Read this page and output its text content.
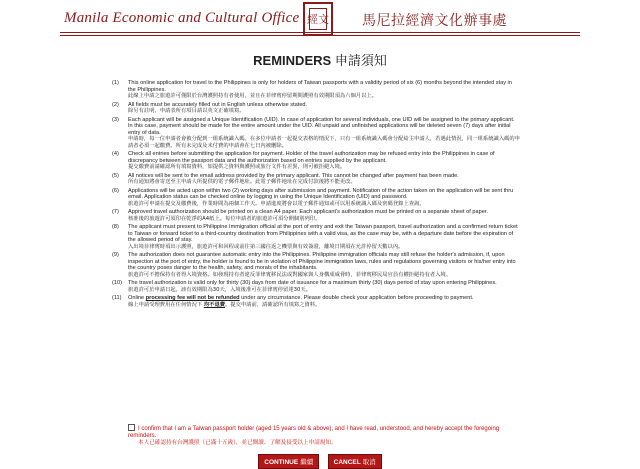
Manila Economic and Cultural Office 經文 馬尼拉經濟文化辦事處
REMINDERS 申請須知
(1)	This online application for travel to the Philippines is only for holders of Taiwan passports with a validity period of six (6) months beyond the intended stay in the Philippines.
此線上申請之旅遊許可僅限於台灣護照持有者使用，並且在菲律賓停留期間護照有效期限須為六個月以上。
(2)	All fields must be accurately filled out in English unless otherwise stated.
除另有註明，申請表所有項目請以英文正確填寫。
(3)	Each applicant will be assigned a Unique Identification (UID). In case of application for several individuals, one UID will be assigned to the primary applicant. In this case, payment should be made for the entire amount under the UID. All unpaid and unfinished applications will be deleted seven (7) days after initial entry of data.
申請時，每一位申請者會被分配到一組系統識入碼。在多位申請者一起提交表格的情況下，只有一組系統識入碼會分配給主申請人，若遇此情況，同一組系統識入碼的申請者必須一起繳費。所有未完成及未付費的申請會在七日內被刪除。
(4)	Check all entries before submitting the application for payment. Holder of the travel authorization may be refused entry into the Philippines in case of discrepancy between the passport data and the authorization based on entries supplied by the applicant.
提交繳費前請確認所有填寫資料，如提供之資料與護照或旅行文件有差異，則可被拒絕入境。
(5)	All notices will be sent to the email address provided by the primary applicant. This cannot be changed after payment has been made.
所有通知將會寄送至主申請人所提供的電子郵件地址。此電子郵件地址在完成付款後將不能更改。
(6)	Applications will be acted upon within two (2) working days after submission and payment. Notification of the action taken on the application will be sent thru email. Application status can be checked online by logging in using the Unique Identification (UID) and password.
旅遊許可申請在提交及繳費後，作業時間為兩個工作天。申請進度將會以電子郵件通知或可以用系統識入碼及密碼登錄上查詢。
(7)	Approved travel authorization should be printed on a clean A4 paper. Each applicant's authorization must be printed on a separate sheet of paper.
核准後的旅遊許可須印在乾淨的A4紙上。每位申請者的旅遊許可須分開個別列印。
(8)	The applicant must present to Philippine Immigration official at the port of entry and exit the Taiwan passport, travel authorization and a confirmed return ticket to Taiwan or forward ticket to a third-country destination from Philippines with a valid visa, as the case may be, with a departure date before the expiration of the allowed period of stay.
入出境菲律賓時須出示護照，旅遊許可和回程或前往第三國往返之機票與有效簽證，離境日期須在允許停留天數以內。
(9)	The authorization does not guarantee automatic entry into the Philippines. Philippine immigration officials may still refuse the holder's admission, if, upon inspection at the port of entry, the holder is found to be in violation of Philippine immigration laws, rules and regulations governing visitors or his/her entry into the country poses danger to the health, safety, and morals of the inhabitants.
旅遊許可不擔保持有者得入境資格。如發現持有者違反菲律賓移民法或對國家與人身構成威脅時，菲律賓移民局官員有權拒絕持有者入境。
(10)	The travel authorization is valid only for thirty (30) days from date of issuance for a maximum thirty (30) days period of stay upon entering Philippines.
旅遊許可於申請日起，該有效期限為30天，入境後准可在菲律賓停留達30天。
(11)	Online processing fee will not be refunded under any circumstance. Please double check your application before proceeding to payment.
線上申請受理費用在任何情況下 均不退費。提交申請前，請確認所有填寫之資料。
I confirm that I am a Taiwan passport holder (aged 15 years old & above), and I have read, understood, and hereby accept the foregoing reminders.
本人已確認持有台灣護照（已滿十五歲），並已閱讀、了解及接受以上申請規知。
CONTINUE 繼續	CANCEL 取消
